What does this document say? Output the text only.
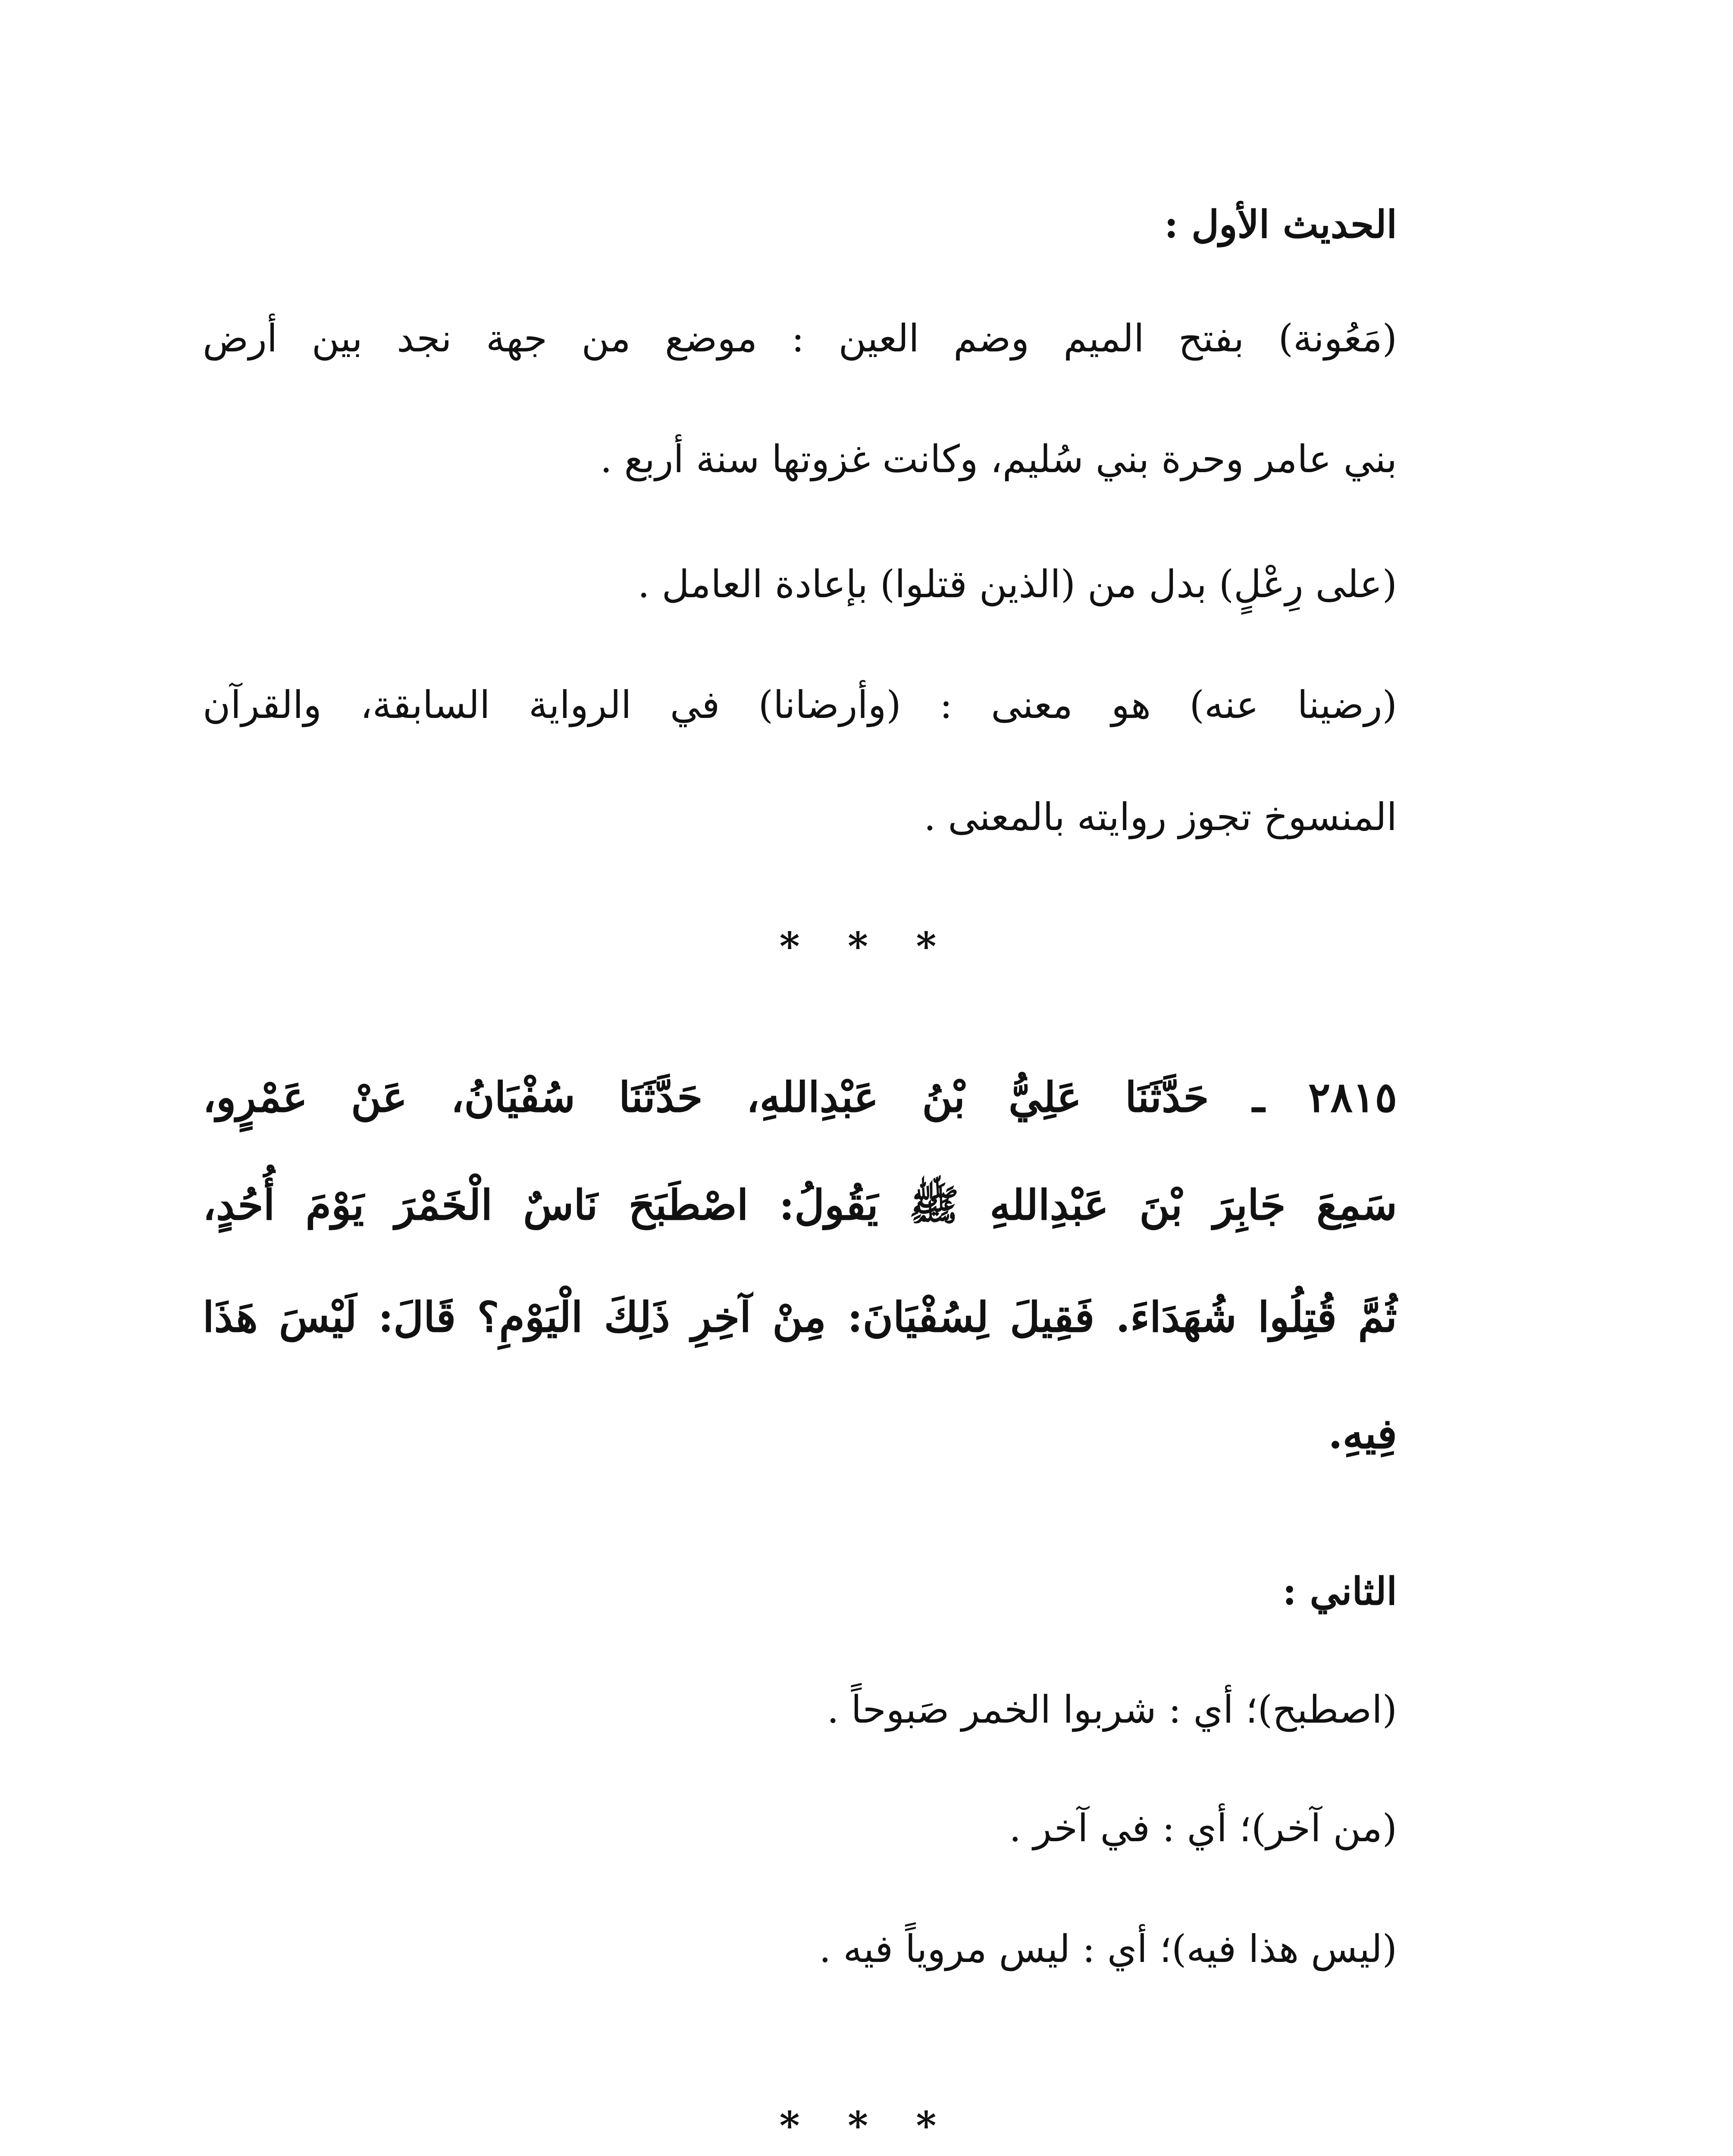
الحديث الأول :
(مَعُونة) بفتح الميم وضم العين : موضع من جهة نجد بين أرض
بني عامر وحرة بني سُليم، وكانت غزوتها سنة أربع .
(على رِعْلٍ) بدل من (الذين قتلوا) بإعادة العامل .
(رضينا عنه) هو معنى : (وأرضانا) في الرواية السابقة، والقرآن
المنسوخ تجوز روايته بالمعنى .
* * *
٢٨١٥ ـ حَدَّثَنَا عَلِيُّ بْنُ عَبْدِاللهِ، حَدَّثَنَا سُفْيَانُ، عَنْ عَمْرٍو،
سَمِعَ جَابِرَ بْنَ عَبْدِاللهِ ﷺ يَقُولُ: اصْطَبَحَ نَاسٌ الْخَمْرَ يَوْمَ أُحُدٍ،
ثُمَّ قُتِلُوا شُهَدَاءَ. فَقِيلَ لِسُفْيَانَ: مِنْ آخِرِ ذَلِكَ الْيَوْمِ؟ قَالَ: لَيْسَ هَذَا
فِيهِ.
الثاني :
(اصطبح)؛ أي : شربوا الخمر صَبوحاً .
(من آخر)؛ أي : في آخر .
(ليس هذا فيه)؛ أي : ليس مروياً فيه .
* * *
